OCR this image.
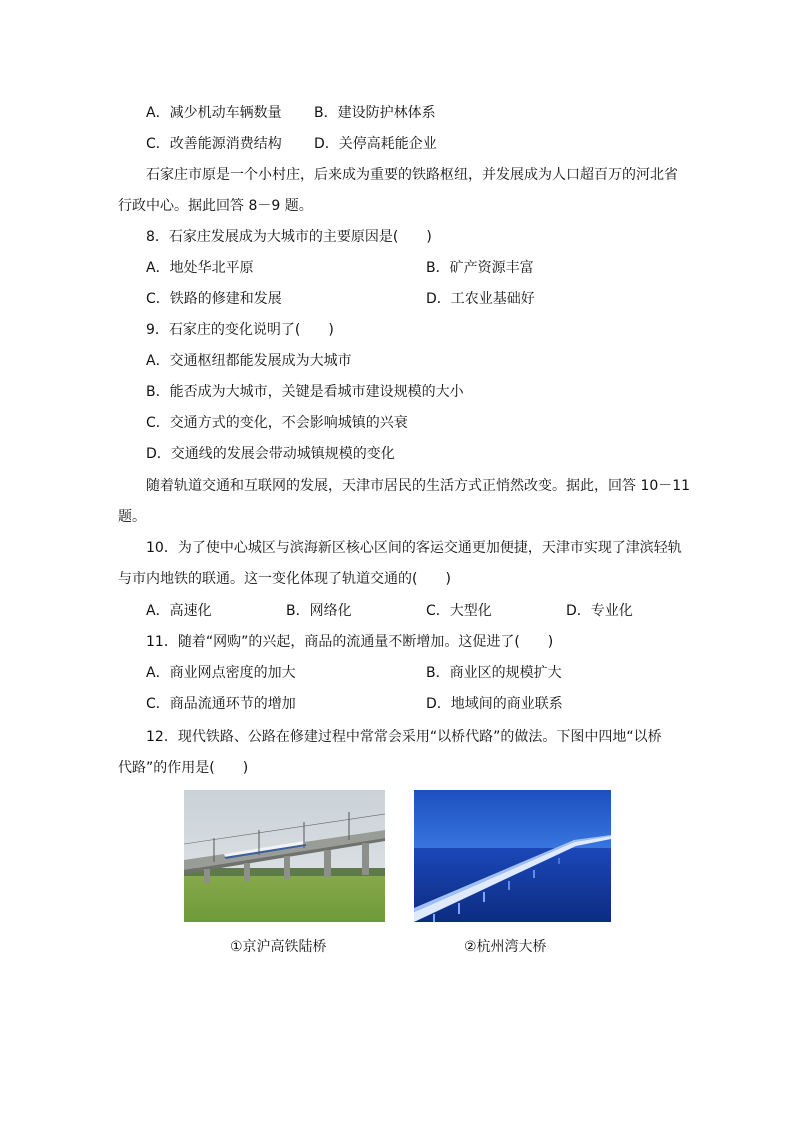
A．减少机动车辆数量 B．建设防护林体系
C．改善能源消费结构 D．关停高耗能企业
石家庄市原是一个小村庄，后来成为重要的铁路枢纽，并发展成为人口超百万的河北省
行政中心。据此回答 8－9 题。
8．石家庄发展成为大城市的主要原因是(　　)
A．地处华北平原	B．矿产资源丰富
C．铁路的修建和发展	D．工农业基础好
9．石家庄的变化说明了(　　)
A．交通枢纽都能发展成为大城市
B．能否成为大城市，关键是看城市建设规模的大小
C．交通方式的变化，不会影响城镇的兴衰
D．交通线的发展会带动城镇规模的变化
随着轨道交通和互联网的发展，天津市居民的生活方式正悄然改变。据此，回答 10－11
题。
10．为了使中心城区与滨海新区核心区间的客运交通更加便捷，天津市实现了津滨轻轨
与市内地铁的联通。这一变化体现了轨道交通的(　　)
A．高速化	B．网络化	C．大型化	D．专业化
11．随着“网购”的兴起，商品的流通量不断增加。这促进了(　　)
A．商业网点密度的加大	B．商业区的规模扩大
C．商品流通环节的增加	D．地域间的商业联系
12．现代铁路、公路在修建过程中常常会采用“以桥代路”的做法。下图中四地“以桥
代路”的作用是(　　)
①京沪高铁陆桥	②杭州湾大桥
